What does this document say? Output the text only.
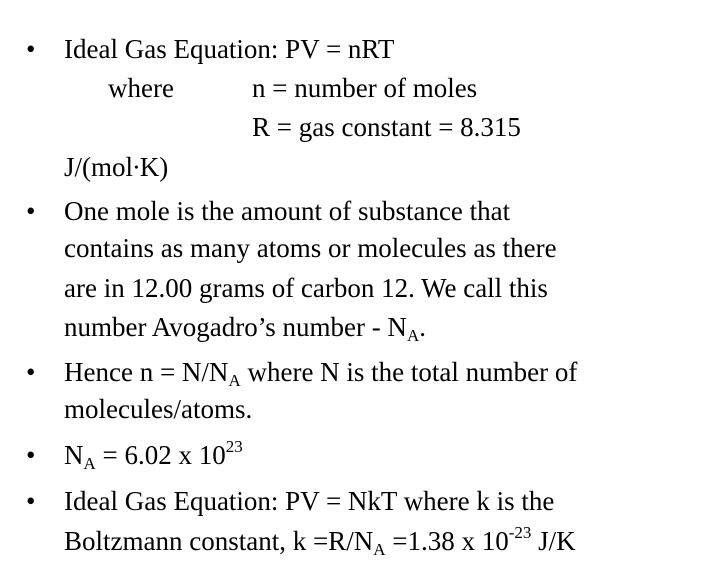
• Ideal Gas Equation: PV = nRT
where	n = number of moles
R = gas constant = 8.315
J/(mol∙K)
• One mole is the amount of substance that
contains as many atoms or molecules as there
are in 12.00 grams of carbon 12. We call this
number Avogadro’s number - $N_A$.
• Hence $n = N/N_A$ where N is the total number of
molecules/atoms.
• $N_A = 6.02$ x $10^{23}$
• Ideal Gas Equation: PV = NkT where k is the
Boltzmann constant, $k =R/N_A =1.38$ x $10^{-23}$ J/K
